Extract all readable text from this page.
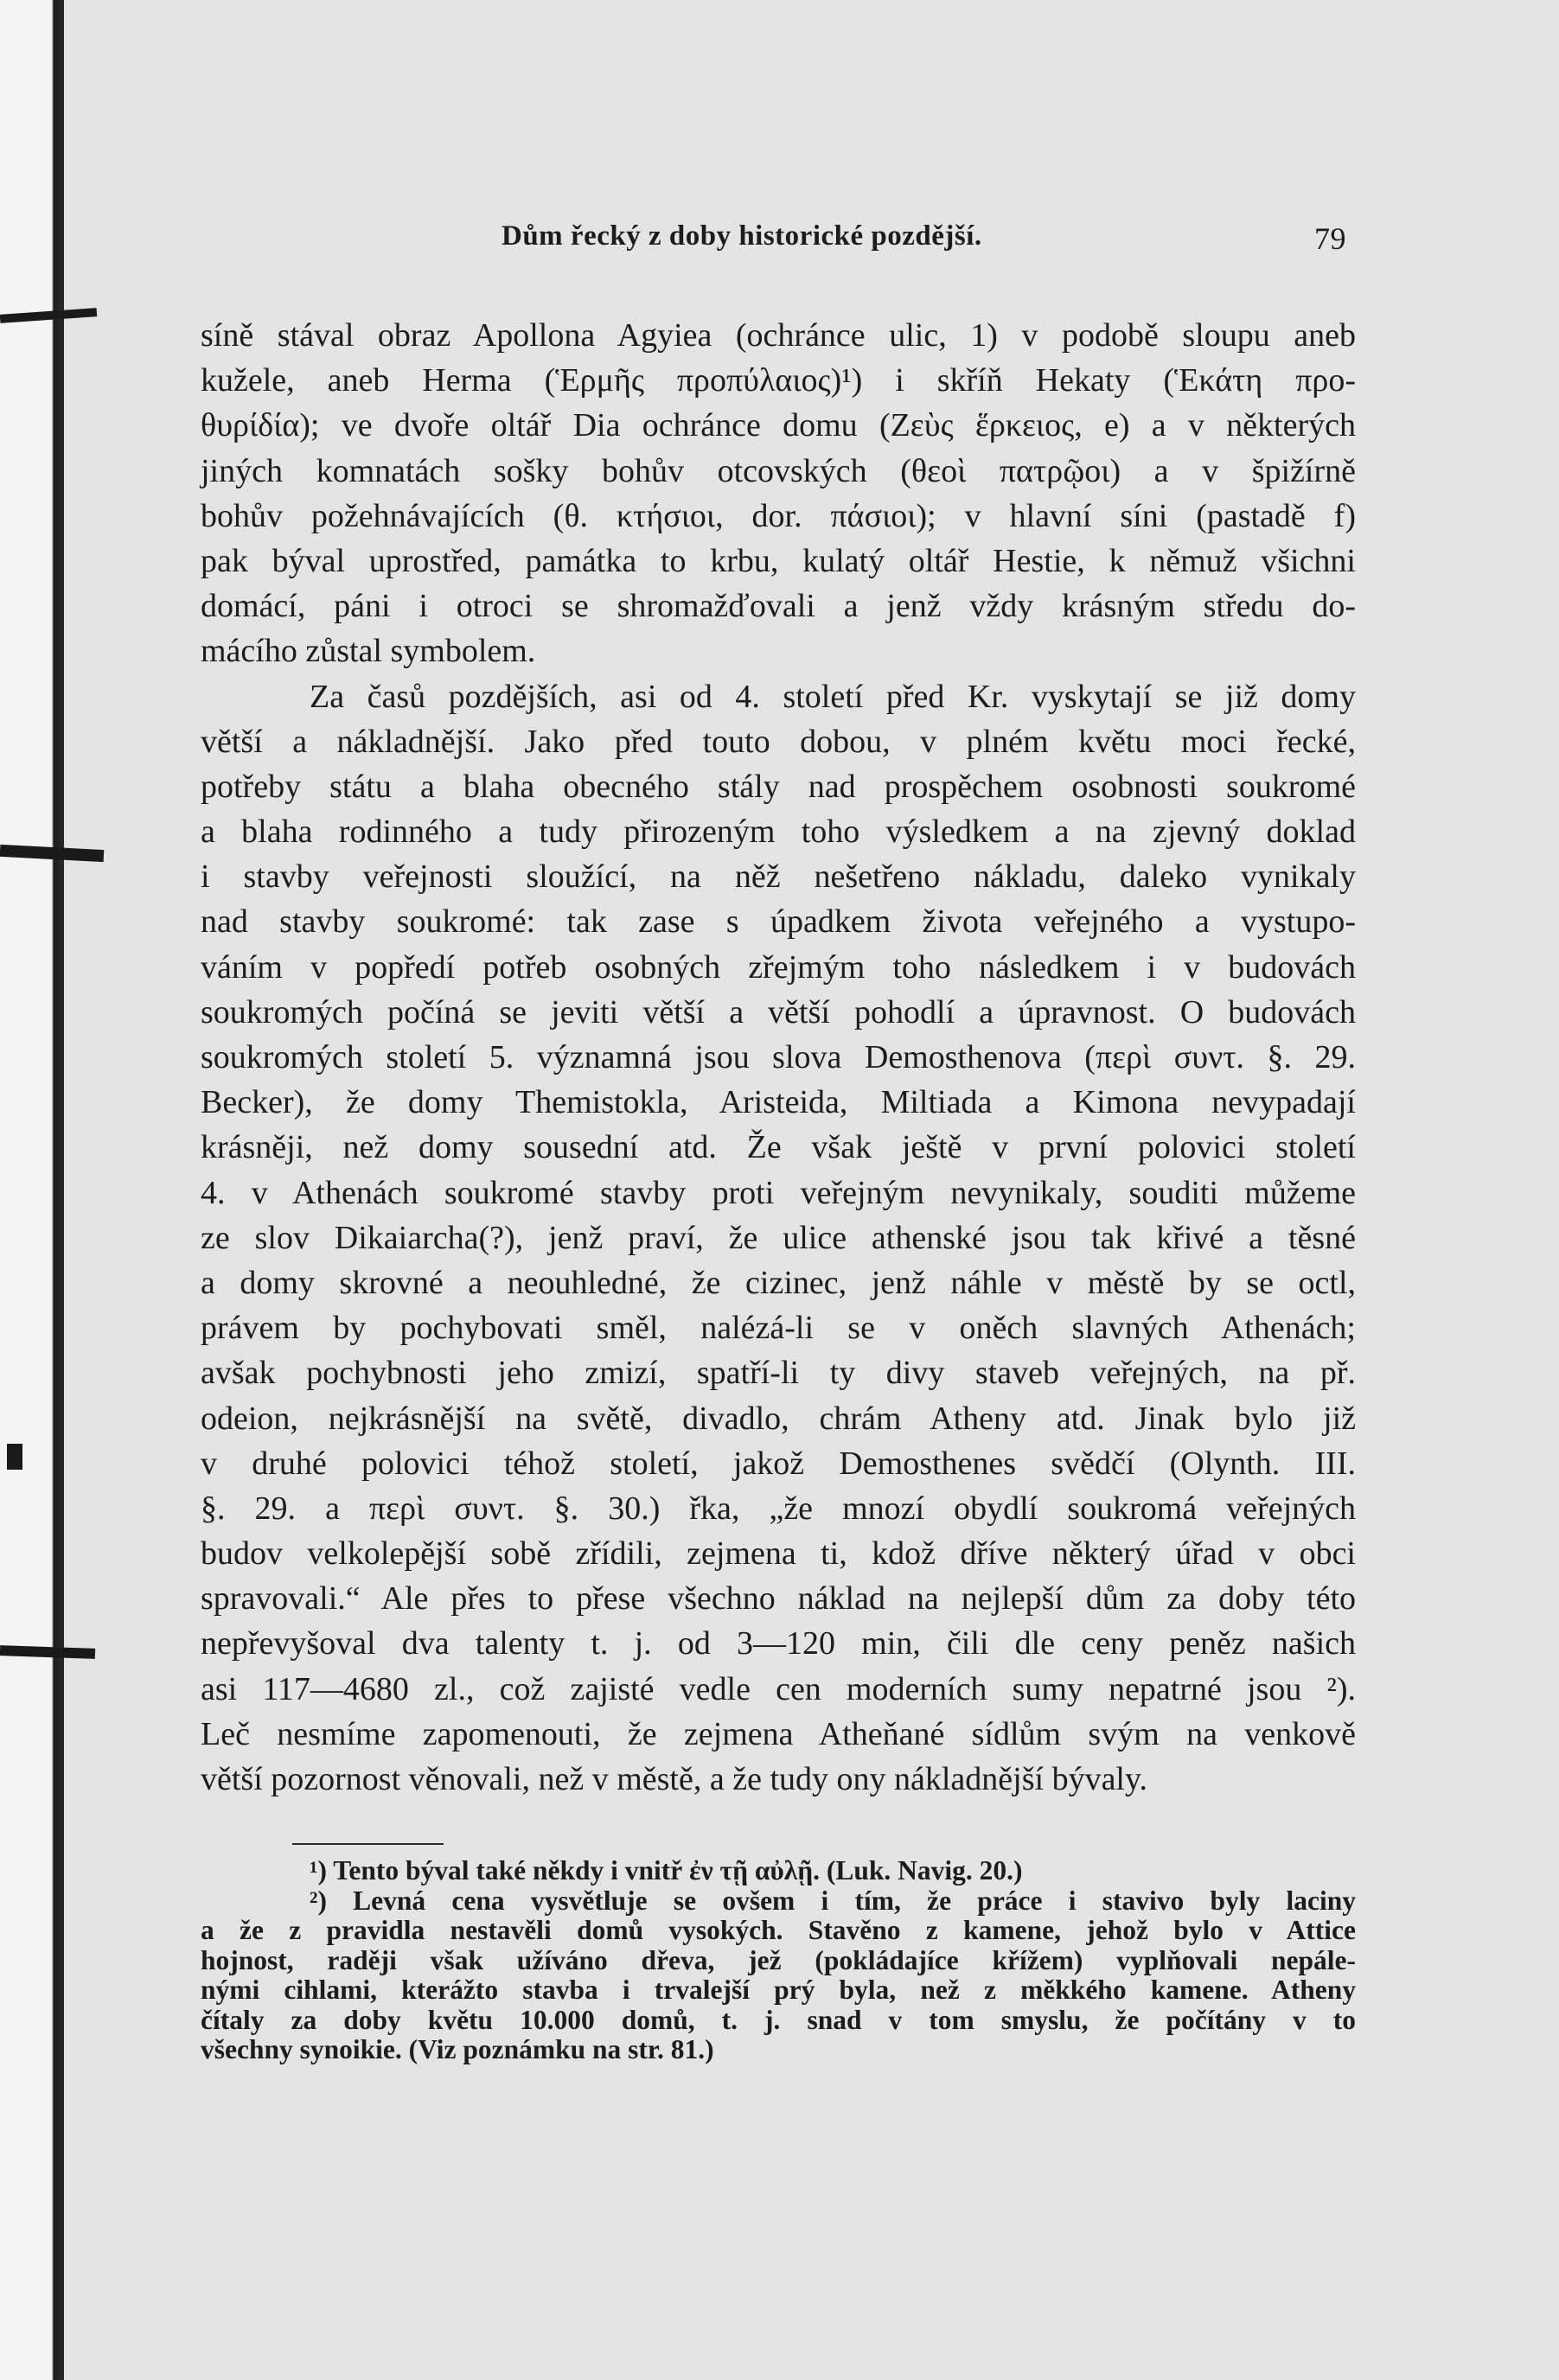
Dům řecký z doby historické pozdější.	79
síně stával obraz Apollona Agyiea (ochránce ulic, 1) v podobě sloupu aneb
kužele, aneb Herma (Ἑρμῆς προπύλαιος)¹) i skříň Hekaty (Ἑκάτη προ-
θυρίδία); ve dvoře oltář Dia ochránce domu (Ζεὺς ἕρκειος, e) a v některých
jiných komnatách sošky bohův otcovských (θεοὶ πατρῷοι) a v špižírně
bohův požehnávajících (θ. κτήσιοι, dor. πάσιοι); v hlavní síni (pastadě f)
pak býval uprostřed, památka to krbu, kulatý oltář Hestie, k němuž všichni
domácí, páni i otroci se shromažďovali a jenž vždy krásným středu do-
mácího zůstal symbolem.
Za časů pozdějších, asi od 4. století před Kr. vyskytají se již domy
větší a nákladnější. Jako před touto dobou, v plném květu moci řecké,
potřeby státu a blaha obecného stály nad prospěchem osobnosti soukromé
a blaha rodinného a tudy přirozeným toho výsledkem a na zjevný doklad
i stavby veřejnosti sloužící, na něž nešetřeno nákladu, daleko vynikaly
nad stavby soukromé: tak zase s úpadkem života veřejného a vystupo-
váním v popředí potřeb osobných zřejmým toho následkem i v budovách
soukromých počíná se jeviti větší a větší pohodlí a úpravnost. O budovách
soukromých století 5. významná jsou slova Demosthenova (περὶ συντ. §. 29.
Becker), že domy Themistokla, Aristeida, Miltiada a Kimona nevypadají
krásněji, než domy sousední atd. Že však ještě v první polovici století
4. v Athenách soukromé stavby proti veřejným nevynikaly, souditi můžeme
ze slov Dikaiarcha(?), jenž praví, že ulice athenské jsou tak křivé a těsné
a domy skrovné a neouhledné, že cizinec, jenž náhle v městě by se octl,
právem by pochybovati směl, nalézá-li se v oněch slavných Athenách;
avšak pochybnosti jeho zmizí, spatří-li ty divy staveb veřejných, na př.
odeion, nejkrásnější na světě, divadlo, chrám Atheny atd. Jinak bylo již
v druhé polovici téhož století, jakož Demosthenes svědčí (Olynth. III.
§. 29. a περὶ συντ. §. 30.) řka, „že mnozí obydlí soukromá veřejných
budov velkolepější sobě zřídili, zejmena ti, kdož dříve některý úřad v obci
spravovali.“ Ale přes to přese všechno náklad na nejlepší dům za doby této
nepřevyšoval dva talenty t. j. od 3—120 min, čili dle ceny peněz našich
asi 117—4680 zl., což zajisté vedle cen moderních sumy nepatrné jsou ²).
Leč nesmíme zapomenouti, že zejmena Atheňané sídlům svým na venkově
větší pozornost věnovali, než v městě, a že tudy ony nákladnější bývaly.
¹) Tento býval také někdy i vnitř ἐν τῇ αὐλῇ. (Luk. Navig. 20.)
²) Levná cena vysvětluje se ovšem i tím, že práce i stavivo byly laciny
a že z pravidla nestavěli domů vysokých. Stavěno z kamene, jehož bylo v Attice
hojnost, raději však užíváno dřeva, jež (pokládajíce křížem) vyplňovali nepále-
nými cihlami, kterážto stavba i trvalejší prý byla, než z měkkého kamene. Atheny
čítaly za doby květu 10.000 domů, t. j. snad v tom smyslu, že počítány v to
všechny synoikie. (Viz poznámku na str. 81.)
